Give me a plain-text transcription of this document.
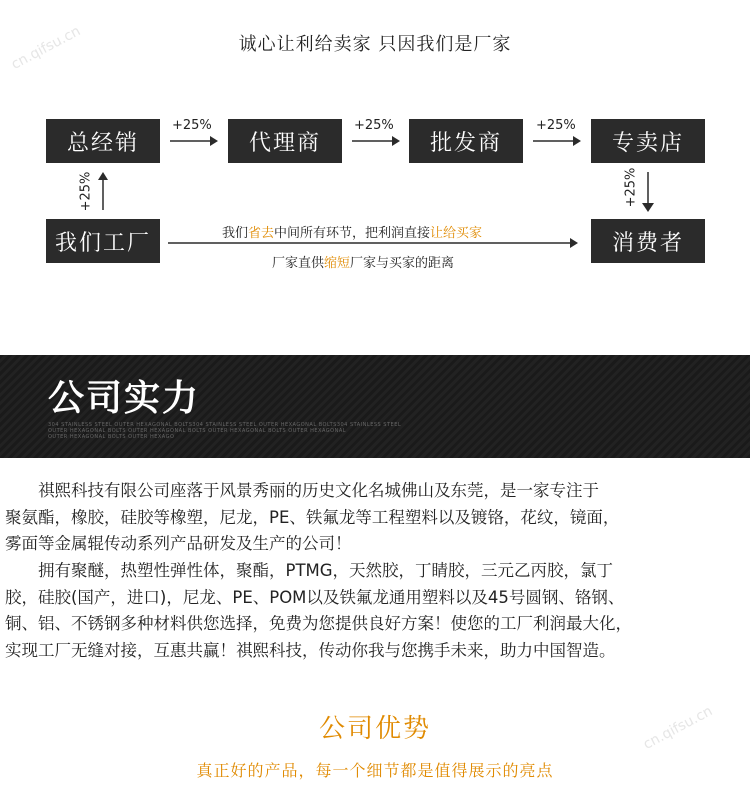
诚心让利给卖家 只因我们是厂家
cn.qifsu.cn
cn.qifsu.cn
总经销	代理商	批发商	专卖店
我们工厂	消费者
+25%	+25%	+25%
+25%	+25%
我们省去中间所有环节，把利润直接让给买家
厂家直供缩短厂家与买家的距离
公司实力
304 STAINLESS STEEL OUTER HEXAGONAL BOLTS304 STAINLESS STEEL OUTER HEXAGONAL BOLTS304 STAINLESS STEEL
OUTER HEXAGONAL BOLTS OUTER HEXAGONAL BOLTS OUTER HEXAGONAL BOLTS OUTER HEXAGONAL
OUTER HEXAGONAL BOLTS OUTER HEXAGO
　　祺熙科技有限公司座落于风景秀丽的历史文化名城佛山及东莞，是一家专注于
聚氨酯，橡胶，硅胶等橡塑，尼龙，PE、铁氟龙等工程塑料以及镀铬，花纹，镜面，
雾面等金属辊传动系列产品研发及生产的公司！
　　拥有聚醚，热塑性弹性体，聚酯，PTMG，天然胶，丁睛胶，三元乙丙胶，氯丁
胶，硅胶(国产，进口)，尼龙、PE、POM以及铁氟龙通用塑料以及45号圆钢、铬钢、
铜、铝、不锈钢多种材料供您选择，免费为您提供良好方案！使您的工厂利润最大化，
实现工厂无缝对接，互惠共赢！祺熙科技，传动你我与您携手未来，助力中国智造。
公司优势
真正好的产品，每一个细节都是值得展示的亮点
